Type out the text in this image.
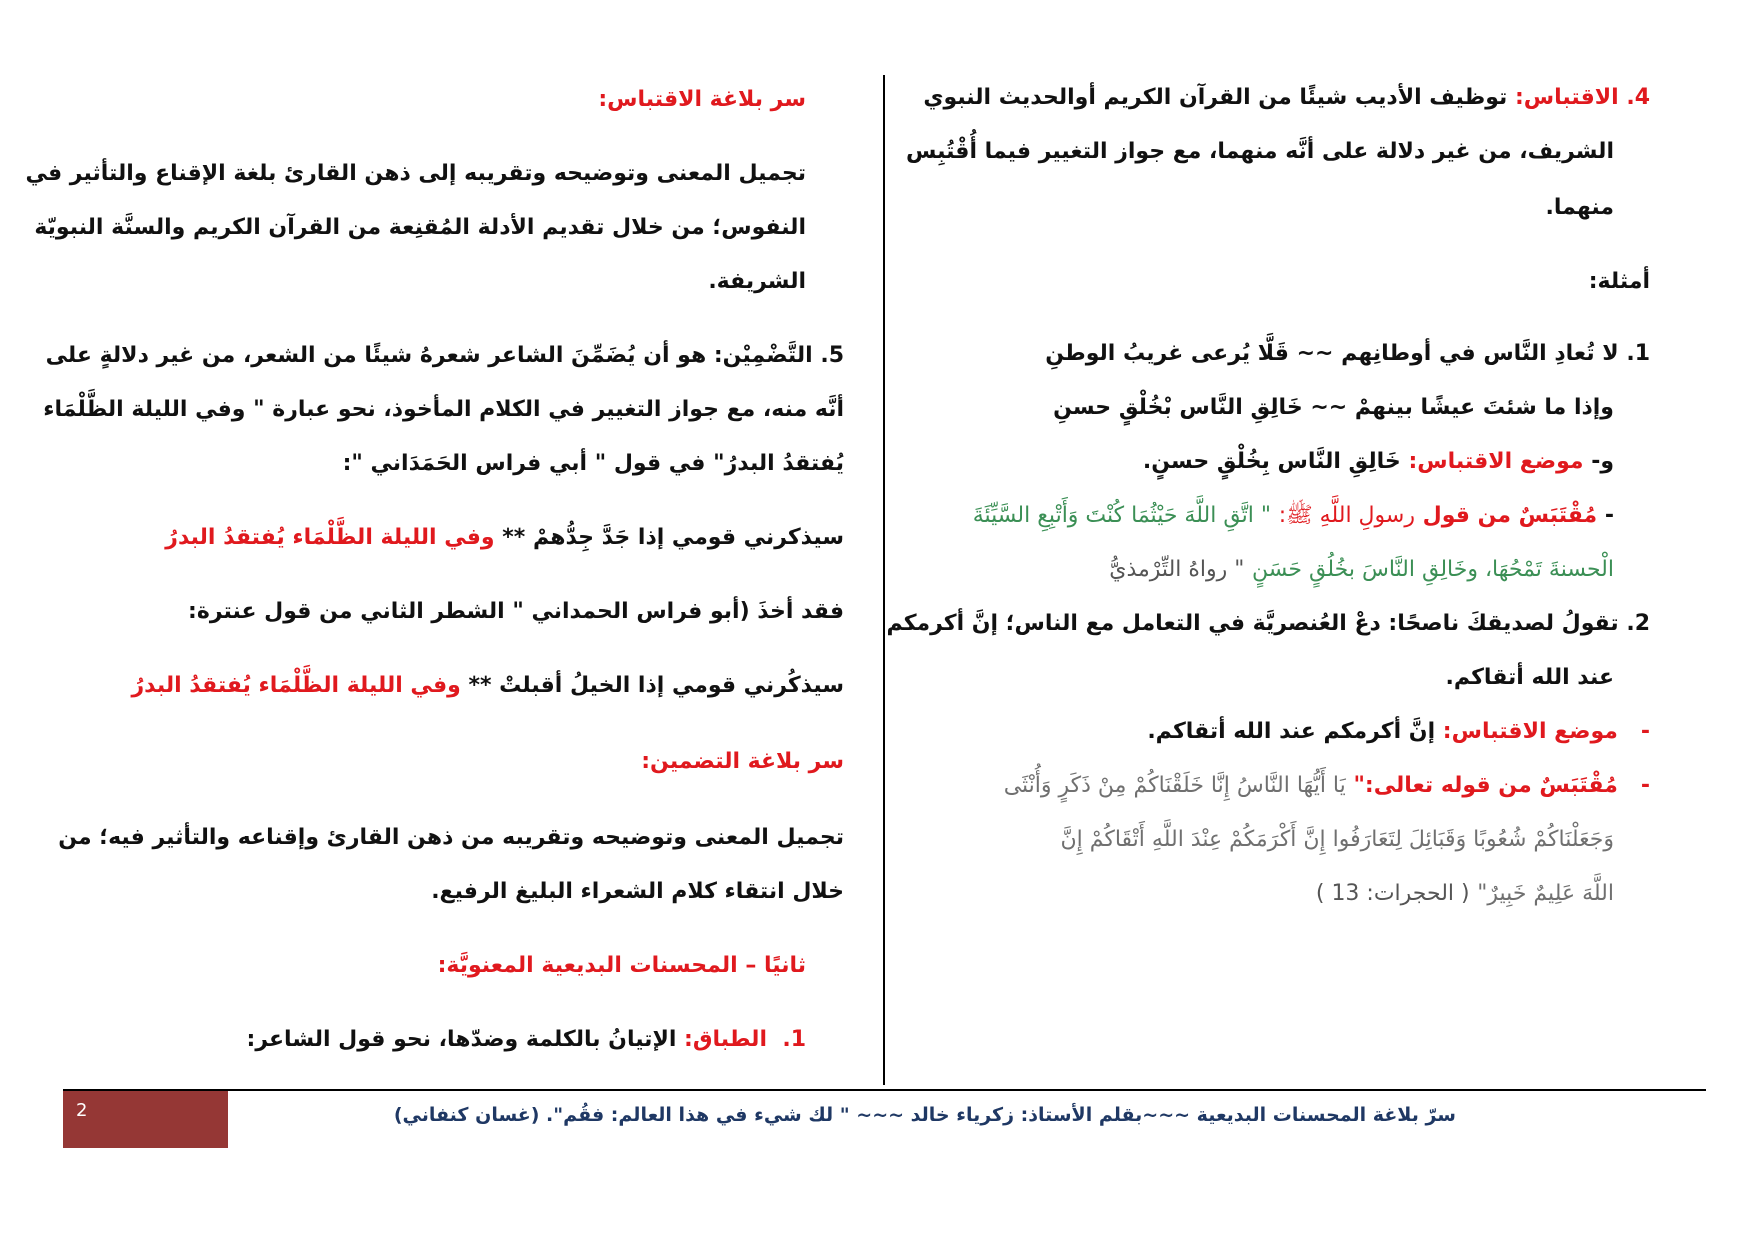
4. الاقتباس: توظيف الأديب شيئًا من القرآن الكريم أوالحديث النبوي
الشريف، من غير دلالة على أنَّه منهما، مع جواز التغيير فيما أُقْتُبِس
منهما.
أمثلة:
1. لا تُعادِ النَّاس في أوطانِهم ~~ قَلَّا يُرعى غريبُ الوطنِ
وإذا ما شئتَ عيشًا بينهمْ ~~ خَالِقِ النَّاس بْخُلْقٍ حسنِ
و- موضع الاقتباس: خَالِقِ النَّاس بِخُلْقٍ حسنٍ.
- مُقْتَبَسٌ من قول رسولِ اللَّهِ ﷺ: " اتَّقِ اللَّهَ حَيْثُمَا كُنْتَ وَأَتْبِعِ السَّيِّئَةَ
الْحسنةَ تَمْحُهَا، وخَالِقِ النَّاسَ بخُلُقٍ حَسَنٍ " رواهُ التِّرْمذيُّ
2. تقولُ لصديقكَ ناصحًا: دعْ العُنصريَّة في التعامل مع الناس؛ إنَّ أكرمكم
عند الله أتقاكم.
-   موضع الاقتباس: إنَّ أكرمكم عند الله أتقاكم.
-   مُقْتَبَسٌ من قوله تعالى:" يَا أَيُّهَا النَّاسُ إِنَّا خَلَقْنَاكُمْ مِنْ ذَكَرٍ وَأُنْثَى
وَجَعَلْنَاكُمْ شُعُوبًا وَقَبَائِلَ لِتَعَارَفُوا إِنَّ أَكْرَمَكُمْ عِنْدَ اللَّهِ أَتْقَاكُمْ إِنَّ
اللَّهَ عَلِيمٌ خَبِيرٌ" ( الحجرات: 13 )
سر بلاغة الاقتباس:
تجميل المعنى وتوضيحه وتقريبه إلى ذهن القارئ بلغة الإقناع والتأثير في
النفوس؛ من خلال تقديم الأدلة المُقنِعة من القرآن الكريم والسنَّة النبويّة
الشريفة.
5. التَّضْمِيْن: هو أن يُضَمِّنَ الشاعر شعرهُ شيئًا من الشعر، من غير دلالةٍ على
أنَّه منه، مع جواز التغيير في الكلام المأخوذ، نحو عبارة " وفي الليلة الظَّلْمَاء
يُفتقدُ البدرُ" في قول " أبي فراس الحَمَدَاني ":
سيذكرني قومي إذا جَدَّ جِدُّهمْ ** وفي الليلة الظَّلْمَاء يُفتقدُ البدرُ
فقد أخذَ (أبو فراس الحمداني " الشطر الثاني من قول عنترة:
سيذكُرني قومي إذا الخيلُ أقبلتْ ** وفي الليلة الظَّلْمَاء يُفتقدُ البدرُ
سر بلاغة التضمين:
تجميل المعنى وتوضيحه وتقريبه من ذهن القارئ وإقناعه والتأثير فيه؛ من
خلال انتقاء كلام الشعراء البليغ الرفيع.
ثانيًا – المحسنات البديعية المعنويَّة:
1.  الطباق: الإتيانُ بالكلمة وضدّها، نحو قول الشاعر:
2	سرّ بلاغة المحسنات البديعية ~~~بقلم الأستاذ: زكرياء خالد ~~~ " لك شيء في هذا العالم: فقُم". (غسان كنفاني)
